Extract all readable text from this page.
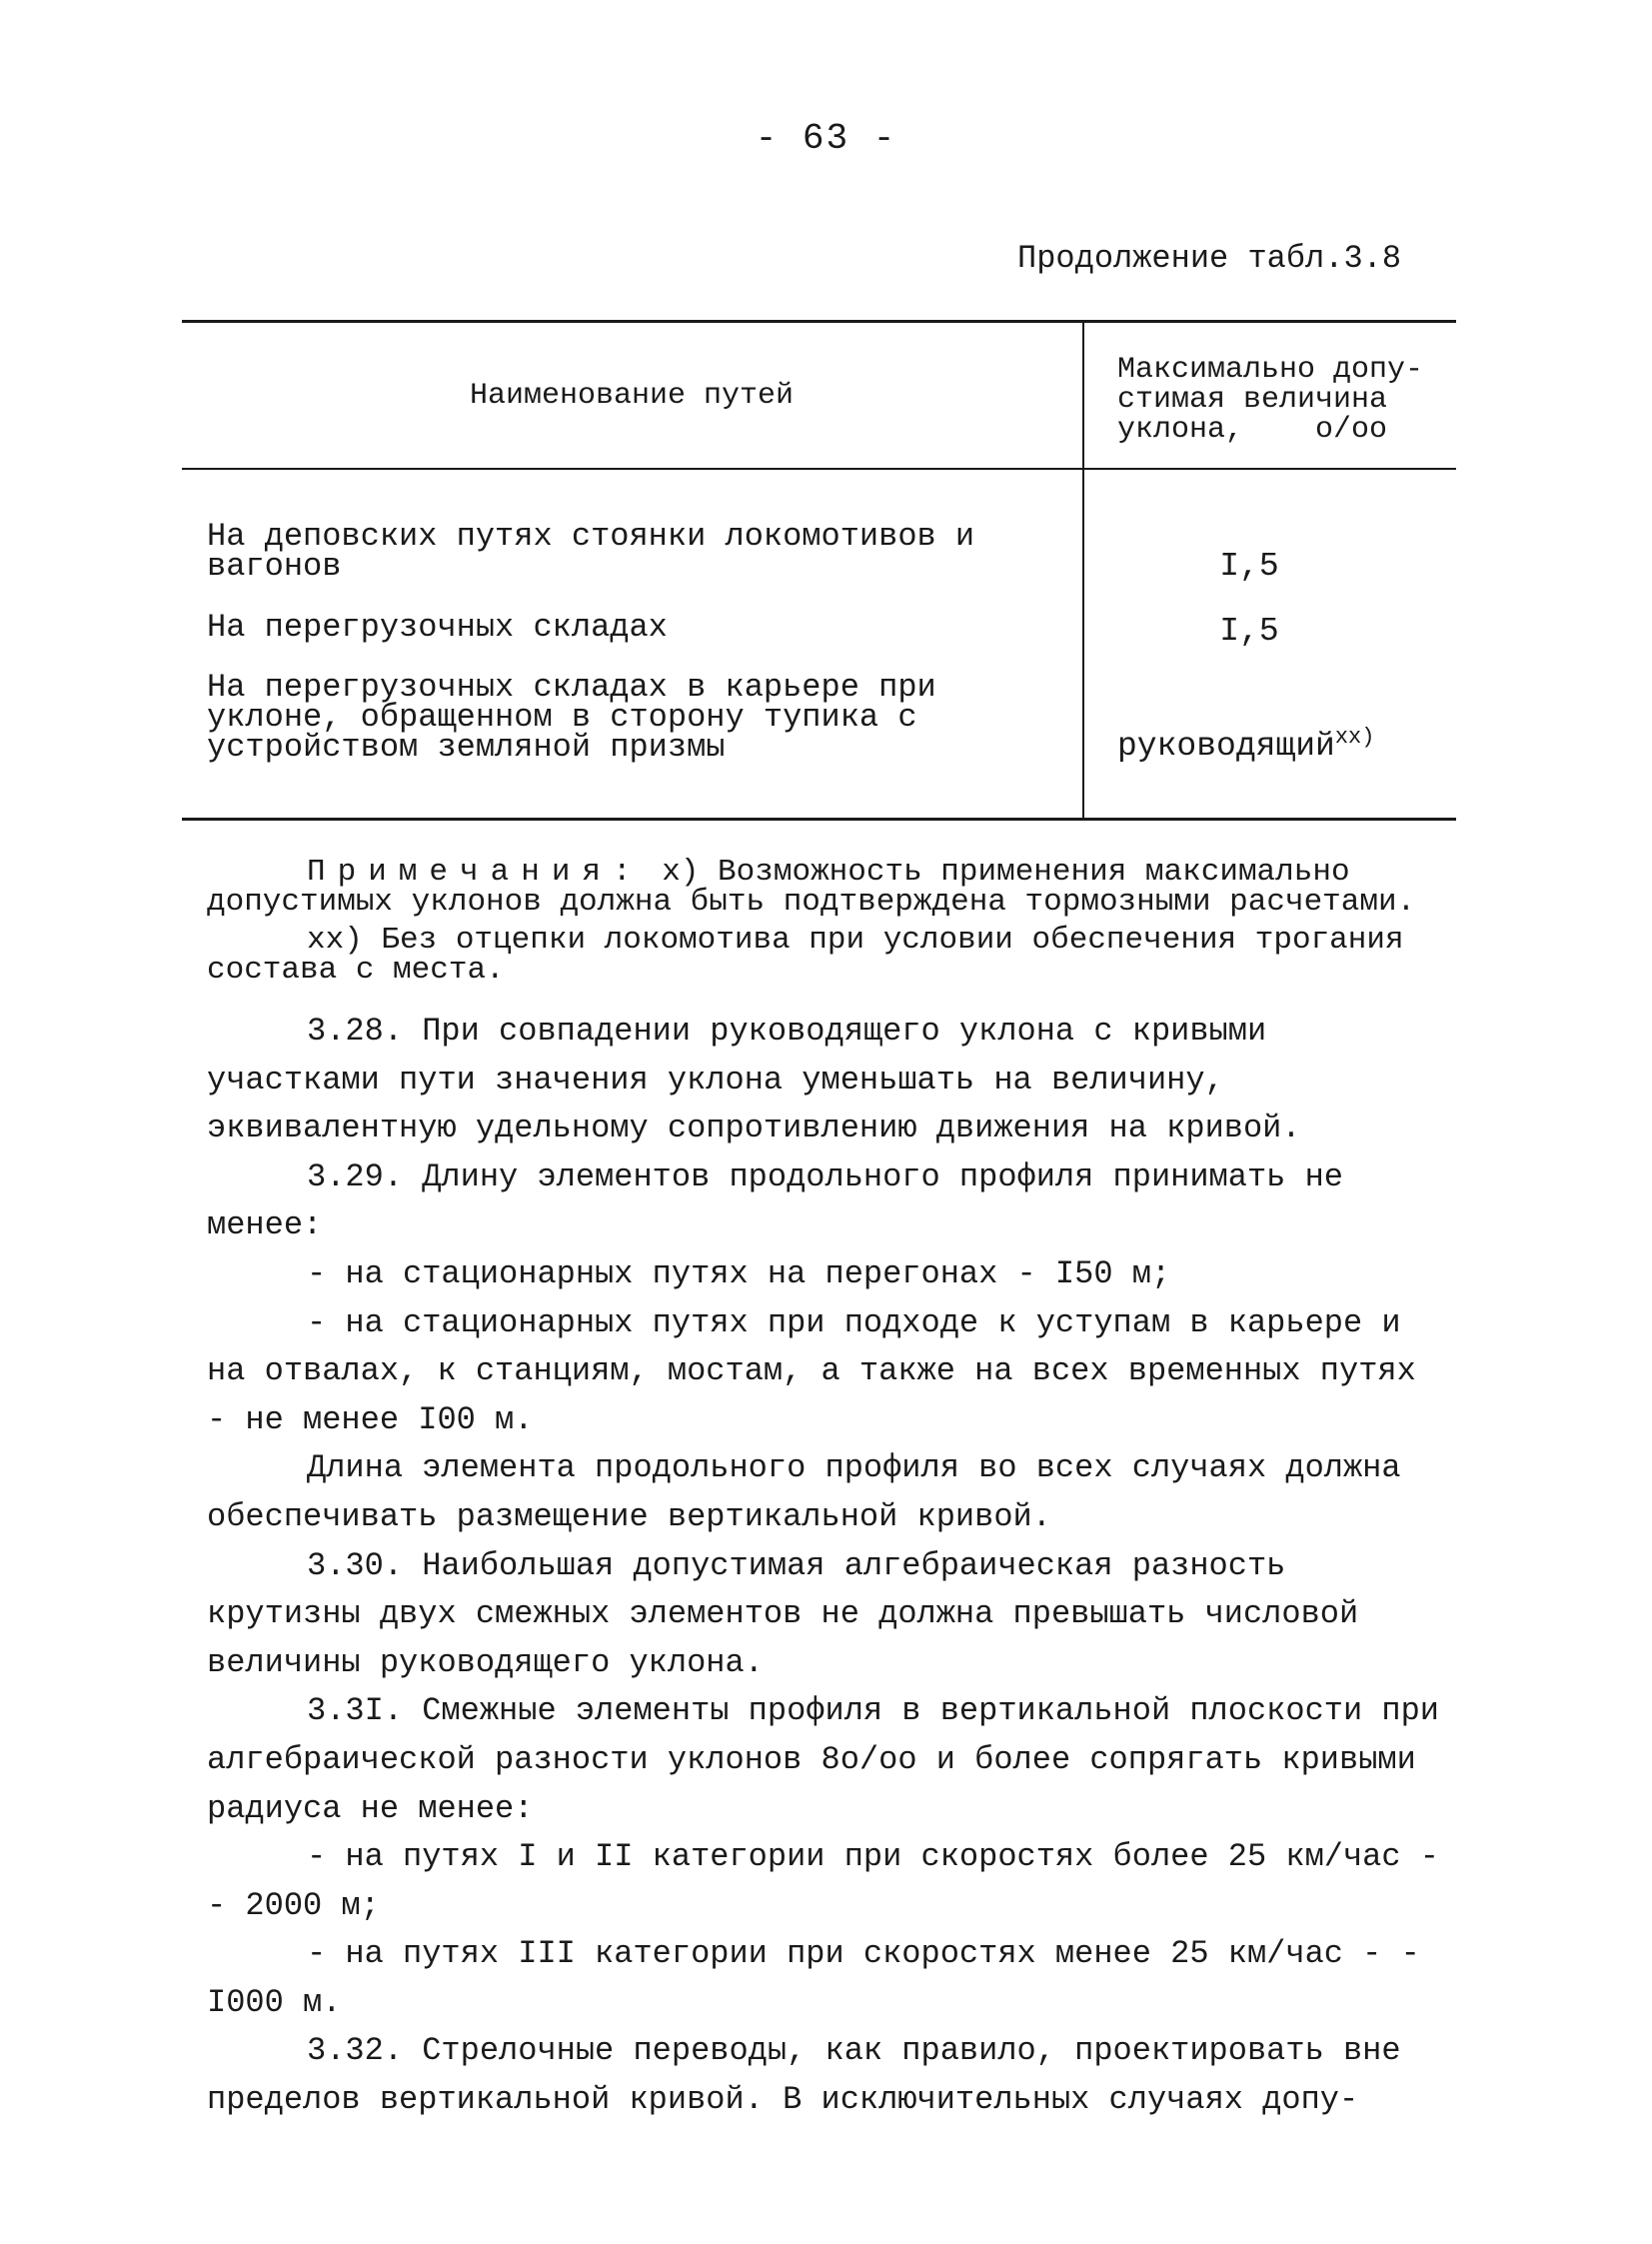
- 63 -
Продолжение табл.3.8
Наименование путей
Максимально допу-
стимая величина
уклона,    о/оо
На деповских путях стоянки локомотивов и вагонов	I,5
На перегрузочных складах	I,5
На перегрузочных складах в карьере при уклоне, обращенном в сторону тупика с устройством земляной призмы	руководящий$^{xx)}$

Примечания: х) Возможность применения максимально допустимых уклонов должна быть подтверждена тормозными расчетами.

хх) Без отцепки локомотива при условии обеспечения трогания состава с места.

3.28. При совпадении руководящего уклона с кривыми участками пути значения уклона уменьшать на величину, эквивалентную удельному сопротивлению движения на кривой.

3.29. Длину элементов продольного профиля принимать не менее:

- на стационарных путях на перегонах - I50 м;

- на стационарных путях при подходе к уступам в карьере и на отвалах, к станциям, мостам, а также на всех временных путях - не менее I00 м.

Длина элемента продольного профиля во всех случаях должна обеспечивать размещение вертикальной кривой.

3.30. Наибольшая допустимая алгебраическая разность крутизны двух смежных элементов не должна превышать числовой величины руководящего уклона.

3.3I. Смежные элементы профиля в вертикальной плоскости при алгебраической разности уклонов 8о/оо и более сопрягать кривыми радиуса не менее:

- на путях I и II категории при скоростях более 25 км/час - - 2000 м;

- на путях III категории при скоростях менее 25 км/час - - I000 м.

3.32. Стрелочные переводы, как правило, проектировать вне пределов вертикальной кривой. В исключительных случаях допу-
